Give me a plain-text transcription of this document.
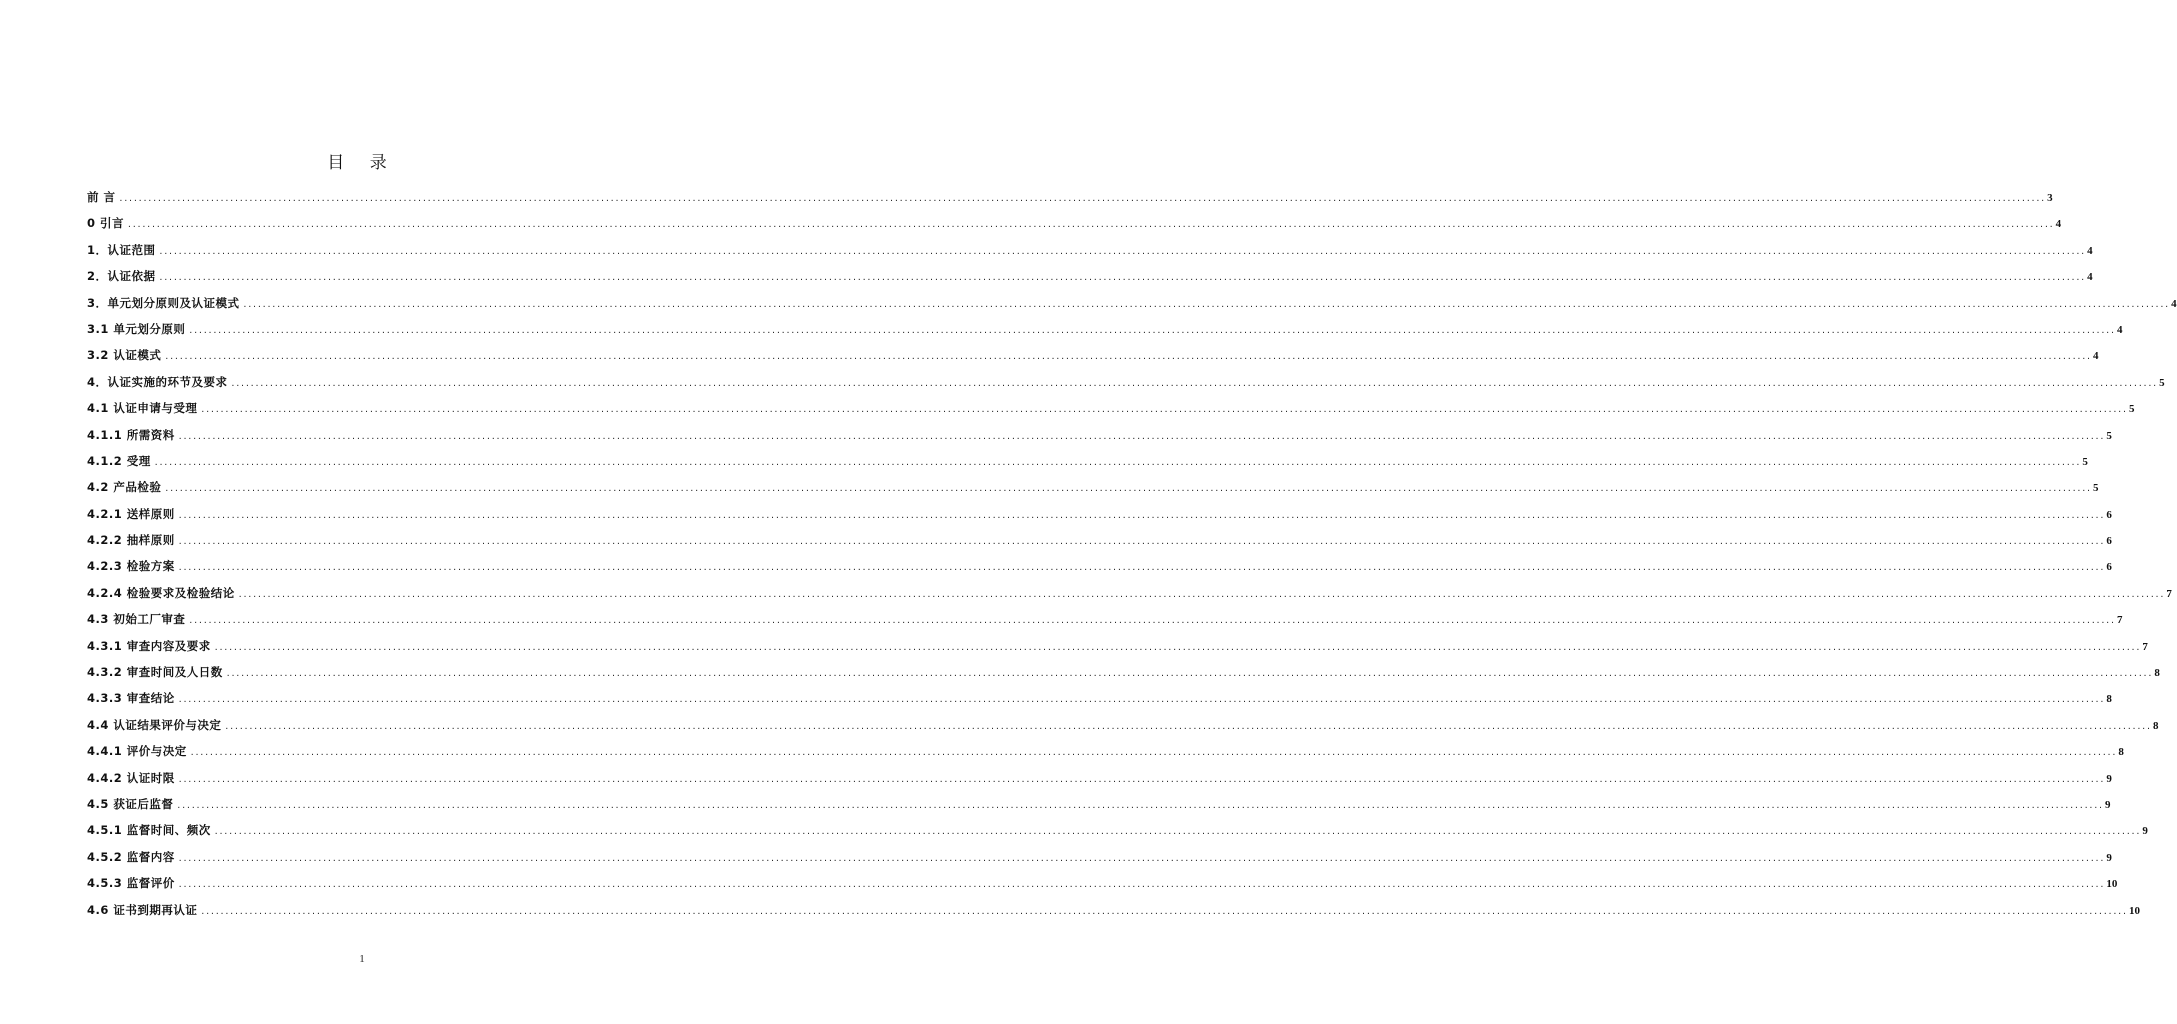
目 录
前 言 ................................................................................................................................................................................................................................................................................................................................................................................................................ 3
0 引言 ................................................................................................................................................................................................................................................................................................................................................................................................................ 4
1．认证范围 ................................................................................................................................................................................................................................................................................................................................................................................................................ 4
2．认证依据 ................................................................................................................................................................................................................................................................................................................................................................................................................ 4
3．单元划分原则及认证模式 ................................................................................................................................................................................................................................................................................................................................................................................................................ 4
3.1 单元划分原则 ................................................................................................................................................................................................................................................................................................................................................................................................................ 4
3.2 认证模式 ................................................................................................................................................................................................................................................................................................................................................................................................................ 4
4．认证实施的环节及要求 ................................................................................................................................................................................................................................................................................................................................................................................................................ 5
4.1 认证申请与受理 ................................................................................................................................................................................................................................................................................................................................................................................................................ 5
4.1.1 所需资料 ................................................................................................................................................................................................................................................................................................................................................................................................................ 5
4.1.2 受理 ................................................................................................................................................................................................................................................................................................................................................................................................................ 5
4.2 产品检验 ................................................................................................................................................................................................................................................................................................................................................................................................................ 5
4.2.1 送样原则 ................................................................................................................................................................................................................................................................................................................................................................................................................ 6
4.2.2 抽样原则 ................................................................................................................................................................................................................................................................................................................................................................................................................ 6
4.2.3 检验方案 ................................................................................................................................................................................................................................................................................................................................................................................................................ 6
4.2.4 检验要求及检验结论 ................................................................................................................................................................................................................................................................................................................................................................................................................ 7
4.3 初始工厂审查 ................................................................................................................................................................................................................................................................................................................................................................................................................ 7
4.3.1 审查内容及要求 ................................................................................................................................................................................................................................................................................................................................................................................................................ 7
4.3.2 审查时间及人日数 ................................................................................................................................................................................................................................................................................................................................................................................................................ 8
4.3.3 审查结论 ................................................................................................................................................................................................................................................................................................................................................................................................................ 8
4.4 认证结果评价与决定 ................................................................................................................................................................................................................................................................................................................................................................................................................ 8
4.4.1 评价与决定 ................................................................................................................................................................................................................................................................................................................................................................................................................ 8
4.4.2 认证时限 ................................................................................................................................................................................................................................................................................................................................................................................................................ 9
4.5 获证后监督 ................................................................................................................................................................................................................................................................................................................................................................................................................ 9
4.5.1 监督时间、频次 ................................................................................................................................................................................................................................................................................................................................................................................................................ 9
4.5.2 监督内容 ................................................................................................................................................................................................................................................................................................................................................................................................................ 9
4.5.3 监督评价 ................................................................................................................................................................................................................................................................................................................................................................................................................ 10
4.6 证书到期再认证 ................................................................................................................................................................................................................................................................................................................................................................................................................ 10
1
